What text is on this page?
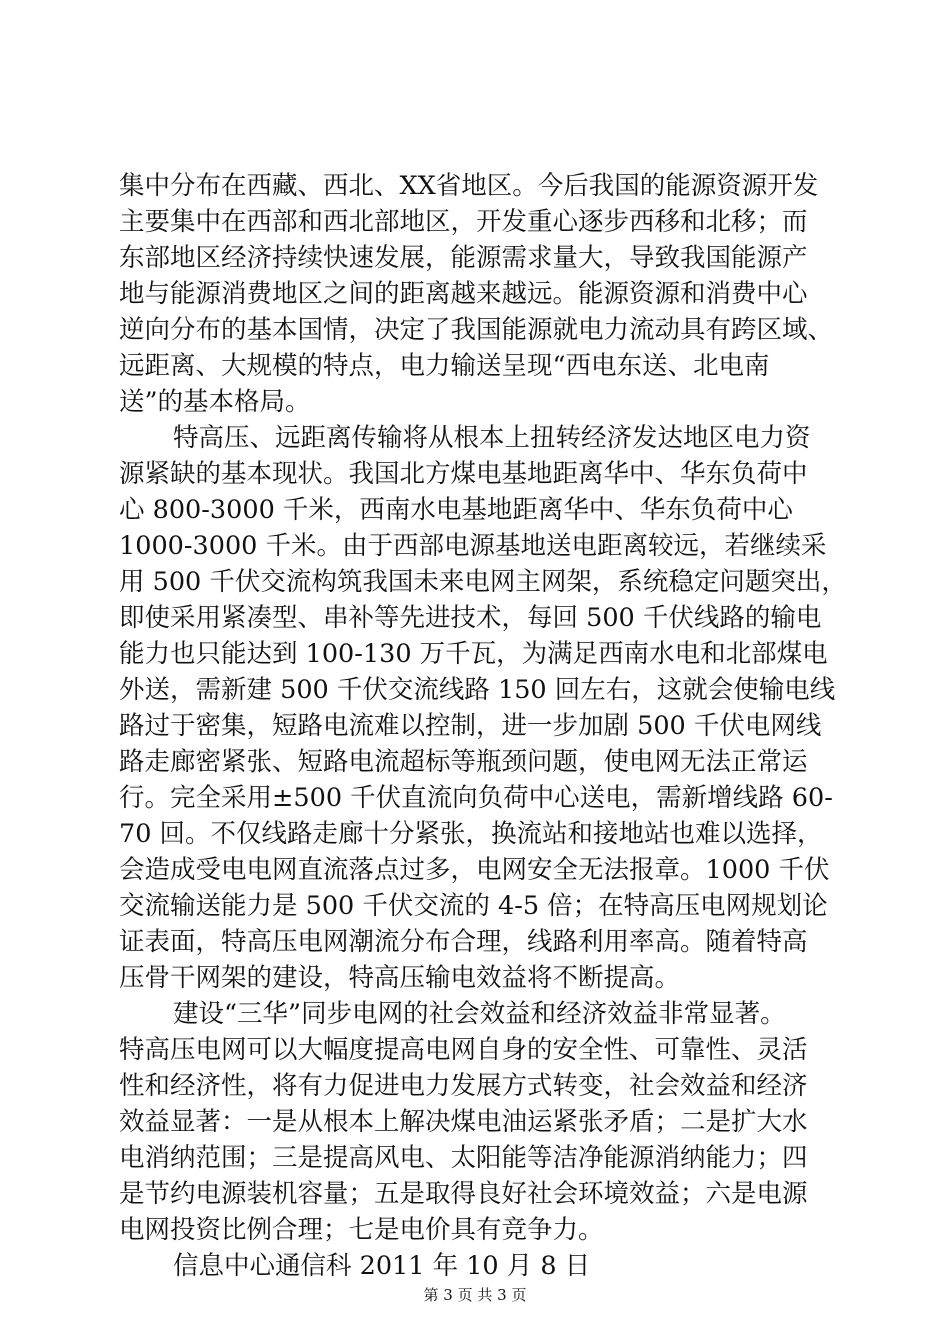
集中分布在西藏、西北、XX省地区。今后我国的能源资源开发
主要集中在西部和西北部地区，开发重心逐步西移和北移；而
东部地区经济持续快速发展，能源需求量大，导致我国能源产
地与能源消费地区之间的距离越来越远。能源资源和消费中心
逆向分布的基本国情，决定了我国能源就电力流动具有跨区域、
远距离、大规模的特点，电力输送呈现“西电东送、北电南
送”的基本格局。
特高压、远距离传输将从根本上扭转经济发达地区电力资
源紧缺的基本现状。我国北方煤电基地距离华中、华东负荷中
心 800-3000 千米，西南水电基地距离华中、华东负荷中心
1000-3000 千米。由于西部电源基地送电距离较远，若继续采
用 500 千伏交流构筑我国未来电网主网架，系统稳定问题突出，
即使采用紧凑型、串补等先进技术，每回 500 千伏线路的输电
能力也只能达到 100-130 万千瓦，为满足西南水电和北部煤电
外送，需新建 500 千伏交流线路 150 回左右，这就会使输电线
路过于密集，短路电流难以控制，进一步加剧 500 千伏电网线
路走廊密紧张、短路电流超标等瓶颈问题，使电网无法正常运
行。完全采用±500 千伏直流向负荷中心送电，需新增线路 60-
70 回。不仅线路走廊十分紧张，换流站和接地站也难以选择，
会造成受电电网直流落点过多，电网安全无法报章。1000 千伏
交流输送能力是 500 千伏交流的 4-5 倍；在特高压电网规划论
证表面，特高压电网潮流分布合理，线路利用率高。随着特高
压骨干网架的建设，特高压输电效益将不断提高。
建设“三华”同步电网的社会效益和经济效益非常显著。
特高压电网可以大幅度提高电网自身的安全性、可靠性、灵活
性和经济性，将有力促进电力发展方式转变，社会效益和经济
效益显著：一是从根本上解决煤电油运紧张矛盾；二是扩大水
电消纳范围；三是提高风电、太阳能等洁净能源消纳能力；四
是节约电源装机容量；五是取得良好社会环境效益；六是电源
电网投资比例合理；七是电价具有竞争力。
信息中心通信科 2011 年 10 月 8 日
第 3 页 共 3 页
